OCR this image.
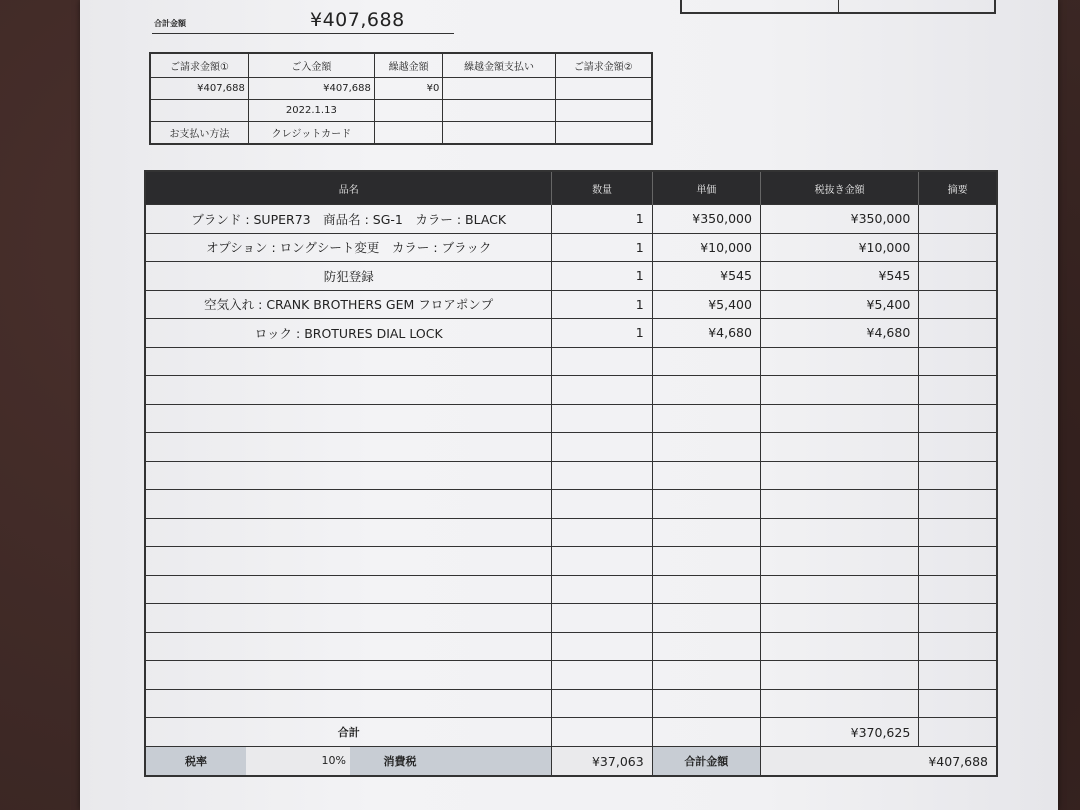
合計金額	¥407,688
ご請求金額①	ご入金額	繰越金額	繰越金額支払い	ご請求金額②
¥407,688	¥407,688	¥0		
	2022.1.13			
お支払い方法	クレジットカード			
品名	数量	単価	税抜き金額	摘要
ブランド : SUPER73　商品名 : SG-1　カラー : BLACK	1	¥350,000	¥350,000	
オプション : ロングシート変更　カラー : ブラック	1	¥10,000	¥10,000	
防犯登録	1	¥545	¥545	
空気入れ : CRANK BROTHERS GEM フロアポンプ	1	¥5,400	¥5,400	
ロック : BROTURES DIAL LOCK	1	¥4,680	¥4,680	

合計			¥370,625	

税率 10% 消費税	¥37,063	合計金額	¥407,688	
